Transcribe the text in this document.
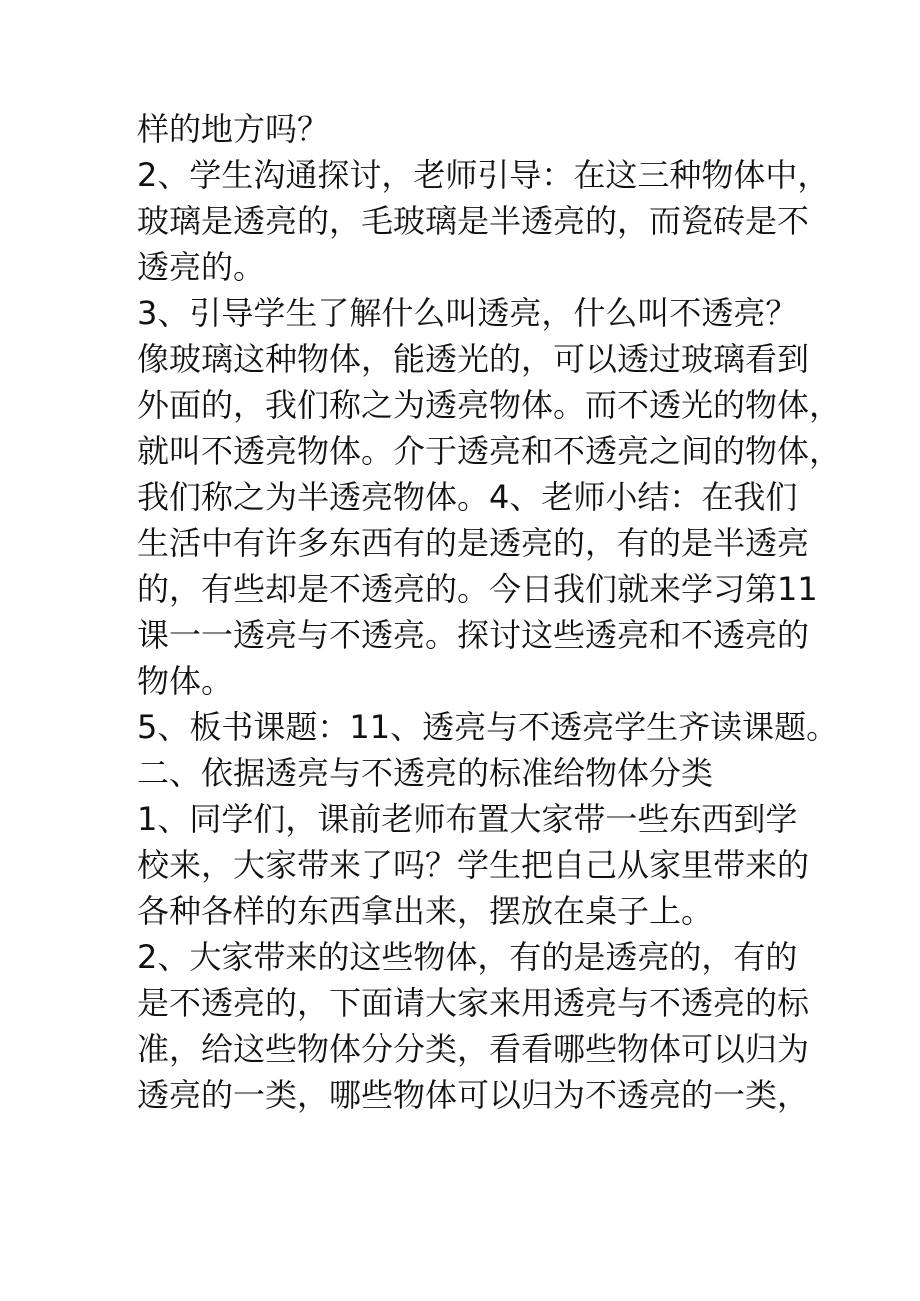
样的地方吗？
2、学生沟通探讨，老师引导：在这三种物体中，
玻璃是透亮的，毛玻璃是半透亮的，而瓷砖是不
透亮的。
3、引导学生了解什么叫透亮，什么叫不透亮？
像玻璃这种物体，能透光的，可以透过玻璃看到
外面的，我们称之为透亮物体。而不透光的物体，
就叫不透亮物体。介于透亮和不透亮之间的物体，
我们称之为半透亮物体。4、老师小结：在我们
生活中有许多东西有的是透亮的，有的是半透亮
的，有些却是不透亮的。今日我们就来学习第11
课一一透亮与不透亮。探讨这些透亮和不透亮的
物体。
5、板书课题：11、透亮与不透亮学生齐读课题。
二、依据透亮与不透亮的标准给物体分类
1、同学们，课前老师布置大家带一些东西到学
校来，大家带来了吗？学生把自己从家里带来的
各种各样的东西拿出来，摆放在桌子上。
2、大家带来的这些物体，有的是透亮的，有的
是不透亮的，下面请大家来用透亮与不透亮的标
准，给这些物体分分类，看看哪些物体可以归为
透亮的一类，哪些物体可以归为不透亮的一类，
